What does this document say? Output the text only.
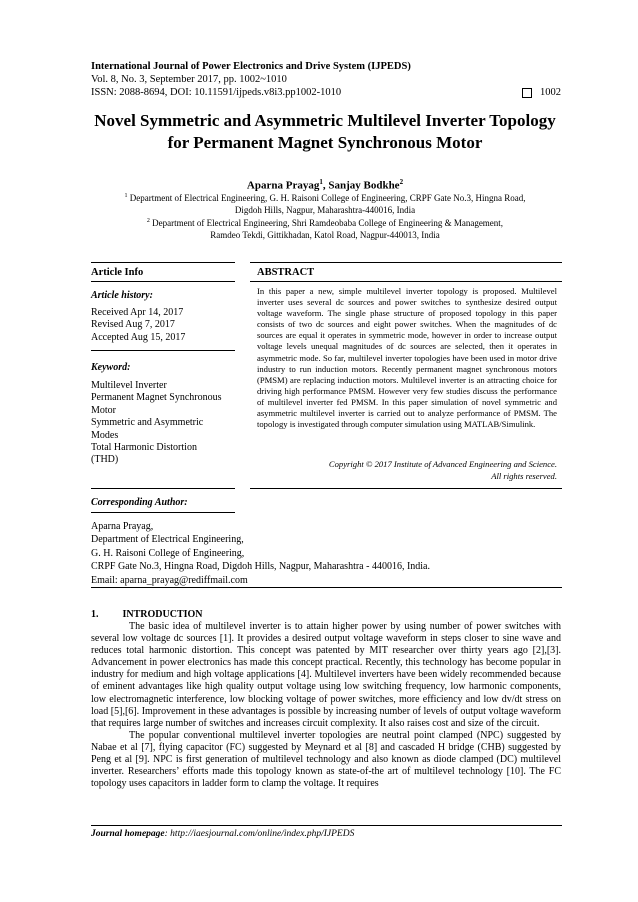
International Journal of Power Electronics and Drive System (IJPEDS)
Vol. 8, No. 3, September 2017, pp. 1002~1010
ISSN: 2088-8694, DOI: 10.11591/ijpeds.v8i3.pp1002-1010	1002
Novel Symmetric and Asymmetric Multilevel Inverter Topology
for Permanent Magnet Synchronous Motor
Aparna Prayag$^1$, Sanjay Bodkhe$^2$
$^1$ Department of Electrical Engineering, G. H. Raisoni College of Engineering, CRPF Gate No.3, Hingna Road,
Digdoh Hills, Nagpur, Maharashtra-440016, India
$^2$ Department of Electrical Engineering, Shri Ramdeobaba College of Engineering & Management,
Ramdeo Tekdi, Gittikhadan, Katol Road, Nagpur-440013, India
Article Info	ABSTRACT
Article history:
Received Apr 14, 2017
Revised Aug 7, 2017
Accepted Aug 15, 2017
Keyword:
Multilevel Inverter
Permanent Magnet Synchronous
Motor
Symmetric and Asymmetric
Modes
Total Harmonic Distortion
(THD)
In this paper a new, simple multilevel inverter topology is proposed. Multilevel inverter uses several dc sources and power switches to synthesize desired output voltage waveform. The single phase structure of proposed topology in this paper consists of two dc sources and eight power switches. When the magnitudes of dc sources are equal it operates in symmetric mode, however in order to increase output voltage levels unequal magnitudes of dc sources are selected, then it operates in asymmetric mode. So far, multilevel inverter topologies have been used in motor drive industry to run induction motors. Recently permanent magnet synchronous motors (PMSM) are replacing induction motors. Multilevel inverter is an attracting choice for driving high performance PMSM. However very few studies discuss the performance of multilevel inverter fed PMSM. In this paper simulation of novel symmetric and asymmetric multilevel inverter is carried out to analyze performance of PMSM. The topology is investigated through computer simulation using MATLAB/Simulink.
Copyright © 2017 Institute of Advanced Engineering and Science.
All rights reserved.
Corresponding Author:
Aparna Prayag,
Department of Electrical Engineering,
G. H. Raisoni College of Engineering,
CRPF Gate No.3, Hingna Road, Digdoh Hills, Nagpur, Maharashtra - 440016, India.
Email: aparna_prayag@rediffmail.com
1. INTRODUCTION

The basic idea of multilevel inverter is to attain higher power by using number of power switches with several low voltage dc sources [1]. It provides a desired output voltage waveform in steps closer to sine wave and reduces total harmonic distortion. This concept was patented by MIT researcher over thirty years ago [2],[3]. Advancement in power electronics has made this concept practical. Recently, this technology has become popular in industry for medium and high voltage applications [4]. Multilevel inverters have been widely recommended because of eminent advantages like high quality output voltage using low switching frequency, low harmonic components, low electromagnetic interference, low blocking voltage of power switches, more efficiency and low dv/dt stress on load [5],[6]. Improvement in these advantages is possible by increasing number of levels of output voltage waveform that requires large number of switches and increases circuit complexity. It also raises cost and size of the circuit.

The popular conventional multilevel inverter topologies are neutral point clamped (NPC) suggested by Nabae et al [7], flying capacitor (FC) suggested by Meynard et al [8] and cascaded H bridge (CHB) suggested by Peng et al [9]. NPC is first generation of multilevel technology and also known as diode clamped (DC) multilevel inverter. Researchers’ efforts made this topology known as state-of-the art of multilevel technology [10]. The FC topology uses capacitors in ladder form to clamp the voltage. It requires

Journal homepage: http://iaesjournal.com/online/index.php/IJPEDS
